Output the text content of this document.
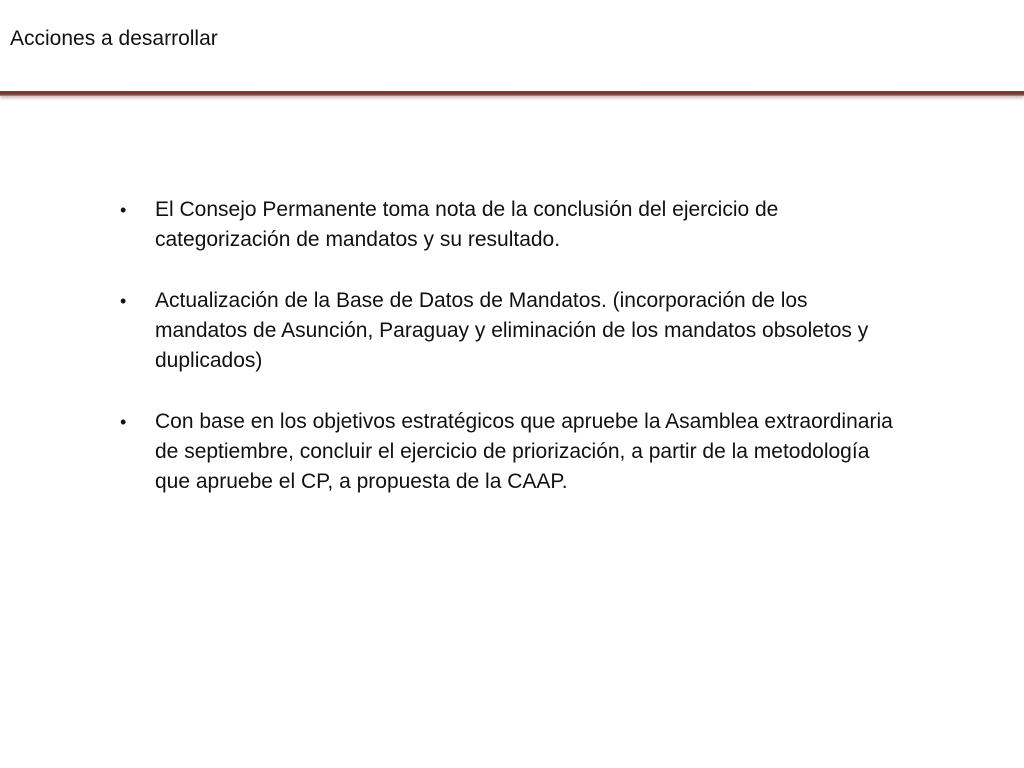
Acciones a desarrollar
• El Consejo Permanente toma nota de la conclusión del ejercicio de categorización de mandatos y su resultado.
• Actualización de la Base de Datos de Mandatos. (incorporación de los mandatos de Asunción, Paraguay y eliminación de los mandatos obsoletos y duplicados)
• Con base en los objetivos estratégicos que apruebe la Asamblea extraordinaria de septiembre, concluir el ejercicio de priorización, a partir de la metodología que apruebe el CP, a propuesta de la CAAP.
